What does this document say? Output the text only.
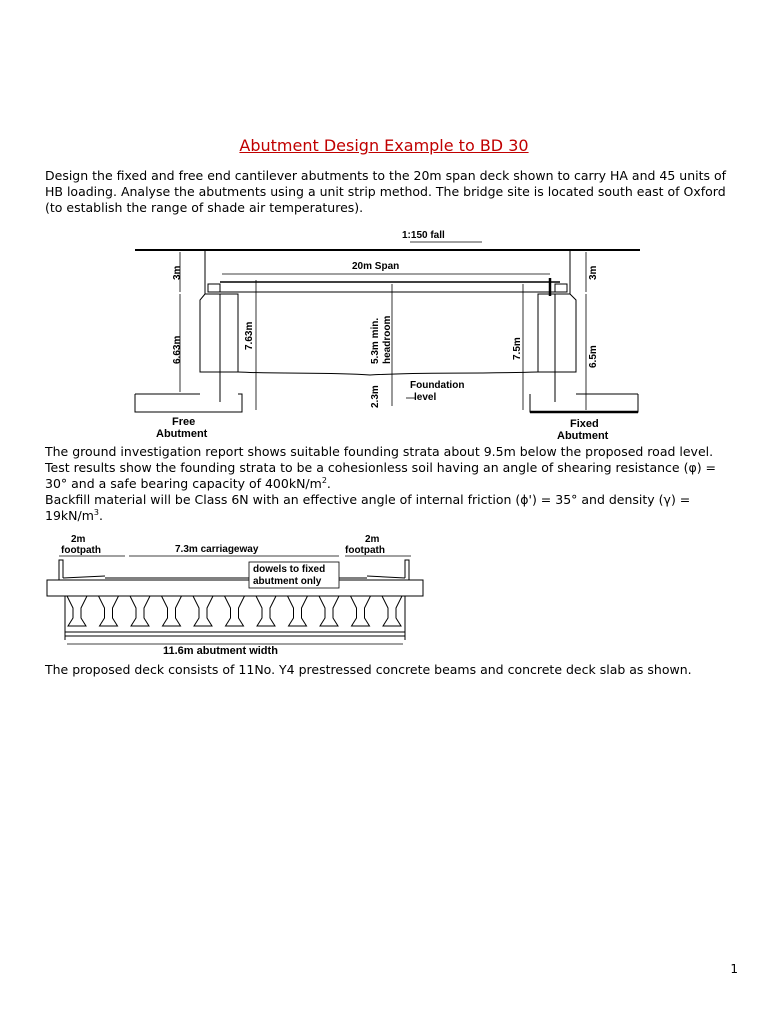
Abutment Design Example to BD 30
Design the fixed and free end cantilever abutments to the 20m span deck shown to carry HA and 45 units of HB loading. Analyse the abutments using a unit strip method. The bridge site is located south east of Oxford (to establish the range of shade air temperatures).
1:150 fall
20m Span
3m
6.63m	7.63m	5.3m min. headroom
2.3m	Foundation
level
7.5m
3m
6.5m
Free
Abutment
Fixed
Abutment
The ground investigation report shows suitable founding strata about 9.5m below the proposed road level. Test results show the founding strata to be a cohesionless soil having an angle of shearing resistance (φ) = 30° and a safe bearing capacity of $400kN/m^2$.
Backfill material will be Class 6N with an effective angle of internal friction (ϕ') = 35° and density $(\gamma) = 19kN/m^3$.
2m
footpath	7.3m carriageway
2m
footpath
dowels to fixed
abutment only
11.6m abutment width
The proposed deck consists of 11No. Y4 prestressed concrete beams and concrete deck slab as shown.
1
